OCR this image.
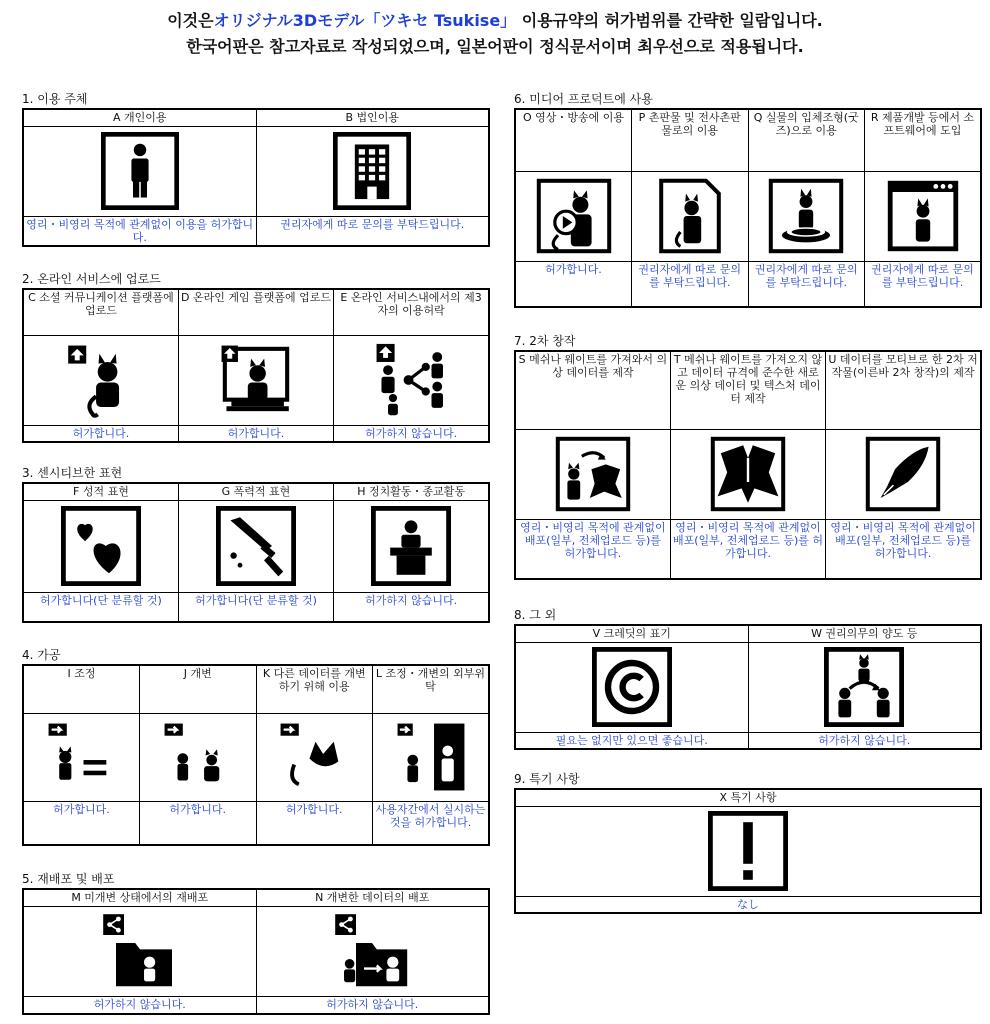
이것은オリジナル3Dモデル「ツキセ Tsukise」 이용규약의 허가범위를 간략한 일람입니다.
한국어판은 참고자료로 작성되었으며, 일본어판이 정식문서이며 최우선으로 적용됩니다.
1. 이용 주체
A 개인이용	B 법인이용

영리・비영리 목적에 관계없이 이용을 허가합니다.	권리자에게 따로 문의를 부탁드립니다.
2. 온라인 서비스에 업로드
C 소셜 커뮤니케이션 플랫폼에 업로드	D 온라인 게임 플랫폼에 업로드	E 온라인 서비스내에서의 제3자의 이용허락

허가합니다.	허가합니다.	허가하지 않습니다.
3. 센시티브한 표현
F 성적 표현	G 폭력적 표현	H 정치활동・종교활동

허가합니다(단 분류할 것)	허가합니다(단 분류할 것)	허가하지 않습니다.
4. 가공
I 조정	J 개변	K 다른 데이터를 개변하기 위해 이용	L 조정・개변의 외부위탁

허가합니다.	허가합니다.	허가합니다.	사용자간에서 실시하는 것을 허가합니다.
5. 재배포 및 배포
M 미개변 상태에서의 재배포	N 개변한 데이터의 배포

허가하지 않습니다.	허가하지 않습니다.
6. 미디어 프로덕트에 사용
O 영상・방송에 이용	P 촌판물 및 전사촌판물로의 이용	Q 실물의 입체조형(굿즈)으로 이용	R 제품개발 등에서 소프트웨어에 도입

허가합니다.	권리자에게 따로 문의를 부탁드립니다.	권리자에게 따로 문의를 부탁드립니다.	권리자에게 따로 문의를 부탁드립니다.
7. 2차 창작
S 메쉬나 웨이트를 가져와서 의상 데이터를 제작	T 메쉬나 웨이트를 가져오지 않고 데이터 규격에 준수한 새로운 의상 데이터 및 텍스처 데이터 제작	U 데이터를 모티브로 한 2차 저작물(이른바 2차 창작)의 제작

영리・비영리 목적에 관계없이 배포(일부, 전체업로드 등)를 허가합니다.	영리・비영리 목적에 관계없이 배포(일부, 전체업로드 등)를 허가합니다.	영리・비영리 목적에 관계없이 배포(일부, 전체업로드 등)를 허가합니다.
8. 그 외
V 크레딧의 표기	W 권리의무의 양도 등

필요는 없지만 있으면 좋습니다.	허가하지 않습니다.
9. 특기 사항
X 특기 사항

なし
